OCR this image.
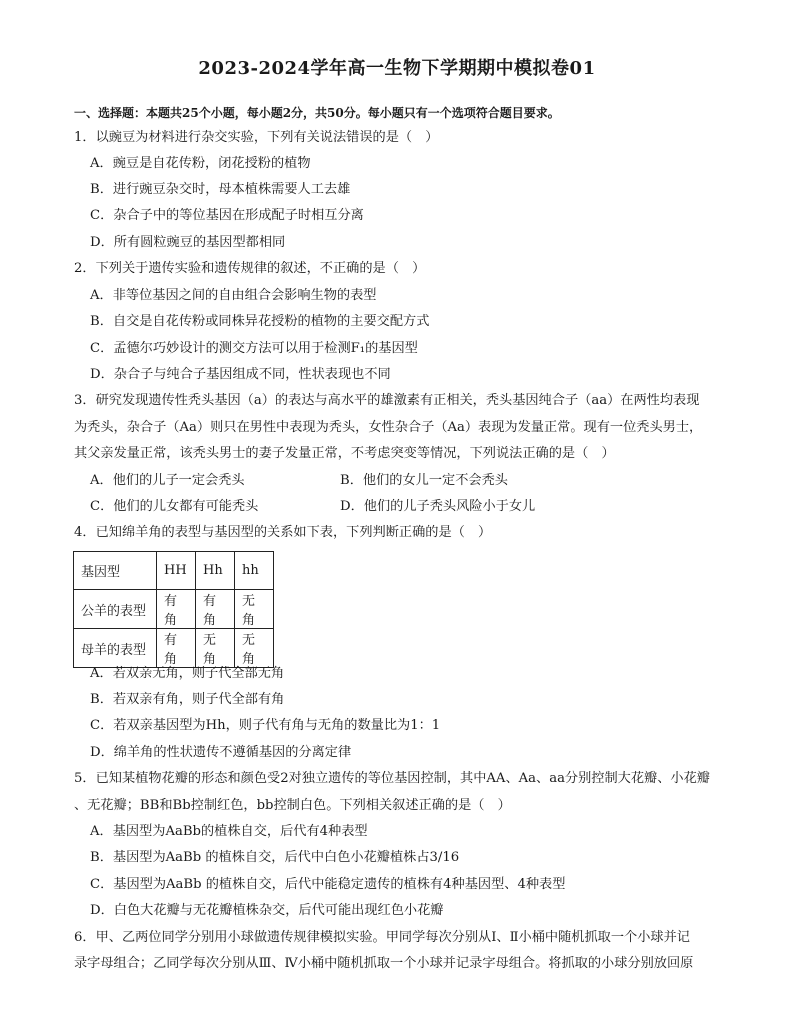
2023-2024学年高一生物下学期期中模拟卷01
一、选择题：本题共25个小题，每小题2分，共50分。每小题只有一个选项符合题目要求。
1．以豌豆为材料进行杂交实验，下列有关说法错误的是（　）
A．豌豆是自花传粉，闭花授粉的植物
B．进行豌豆杂交时，母本植株需要人工去雄
C．杂合子中的等位基因在形成配子时相互分离
D．所有圆粒豌豆的基因型都相同
2．下列关于遗传实验和遗传规律的叙述，不正确的是（　）
A．非等位基因之间的自由组合会影响生物的表型
B．自交是自花传粉或同株异花授粉的植物的主要交配方式
C．孟德尔巧妙设计的测交方法可以用于检测F₁的基因型
D．杂合子与纯合子基因组成不同，性状表现也不同
3．研究发现遗传性秃头基因（a）的表达与高水平的雄激素有正相关，秃头基因纯合子（aa）在两性均表现
为秃头，杂合子（Aa）则只在男性中表现为秃头，女性杂合子（Aa）表现为发量正常。现有一位秃头男士，
其父亲发量正常，该秃头男士的妻子发量正常，不考虑突变等情况，下列说法正确的是（　）
A．他们的儿子一定会秃头	B．他们的女儿一定不会秃头
C．他们的儿女都有可能秃头	D．他们的儿子秃头风险小于女儿
4．已知绵羊角的表型与基因型的关系如下表，下列判断正确的是（　）
基因型	HH	Hh	hh
公羊的表型	有角	有角	无角
母羊的表型	有角	无角	无角
A．若双亲无角，则子代全部无角
B．若双亲有角，则子代全部有角
C．若双亲基因型为Hh，则子代有角与无角的数量比为1：1
D．绵羊角的性状遗传不遵循基因的分离定律
5．已知某植物花瓣的形态和颜色受2对独立遗传的等位基因控制，其中AA、Aa、aa分别控制大花瓣、小花瓣
、无花瓣；BB和Bb控制红色，bb控制白色。下列相关叙述正确的是（　）
A．基因型为AaBb的植株自交，后代有4种表型
B．基因型为AaBb 的植株自交，后代中白色小花瓣植株占3/16
C．基因型为AaBb 的植株自交，后代中能稳定遗传的植株有4种基因型、4种表型
D．白色大花瓣与无花瓣植株杂交，后代可能出现红色小花瓣
6．甲、乙两位同学分别用小球做遗传规律模拟实验。甲同学每次分别从Ⅰ、Ⅱ小桶中随机抓取一个小球并记
录字母组合；乙同学每次分别从Ⅲ、Ⅳ小桶中随机抓取一个小球并记录字母组合。将抓取的小球分别放回原
